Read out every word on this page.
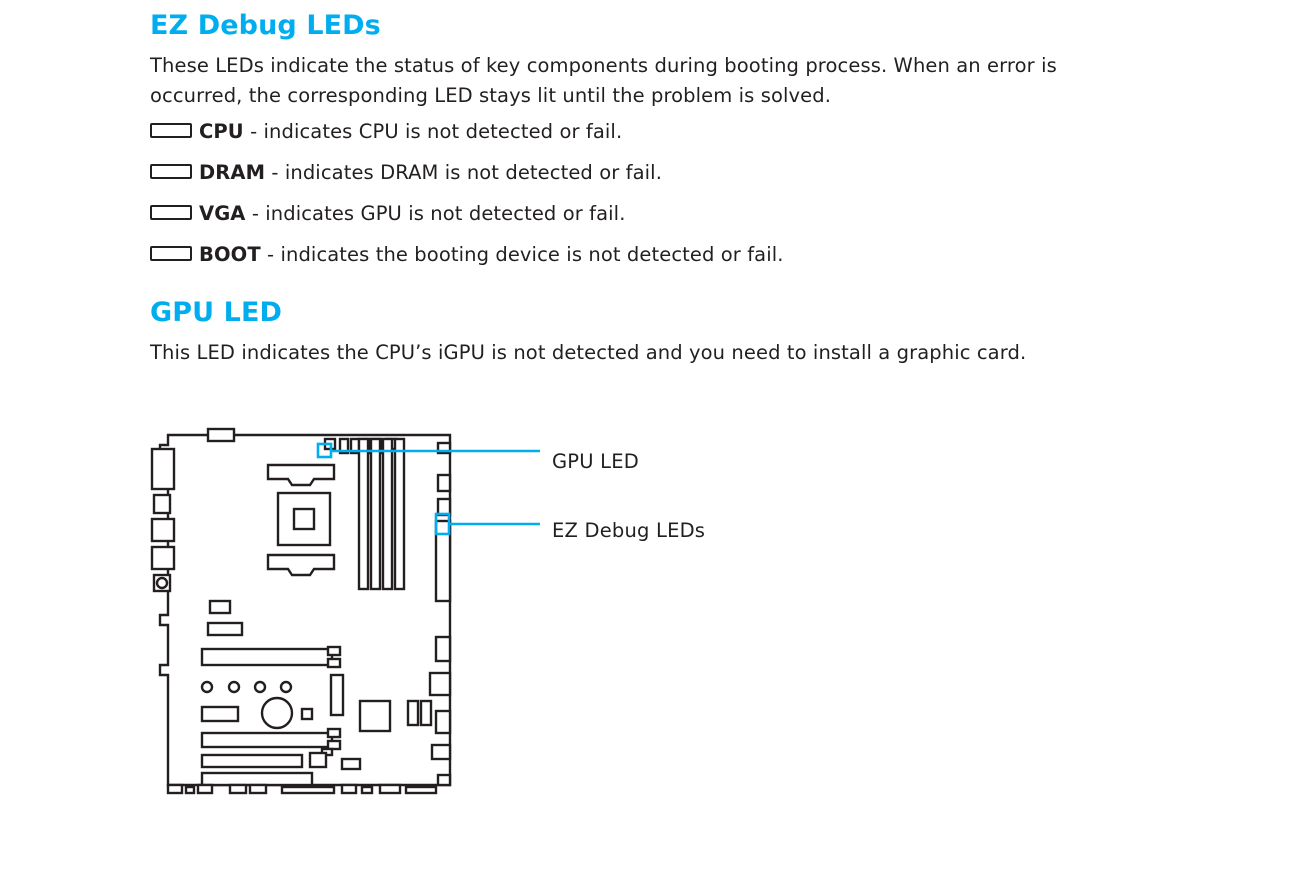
EZ Debug LEDs

These LEDs indicate the status of key components during booting process. When an error is occurred, the corresponding LED stays lit until the problem is solved.

CPU - indicates CPU is not detected or fail.
DRAM - indicates DRAM is not detected or fail.
VGA - indicates GPU is not detected or fail.
BOOT - indicates the booting device is not detected or fail.
GPU LED

This LED indicates the CPU’s iGPU is not detected and you need to install a graphic card.

GPU LED
EZ Debug LEDs
